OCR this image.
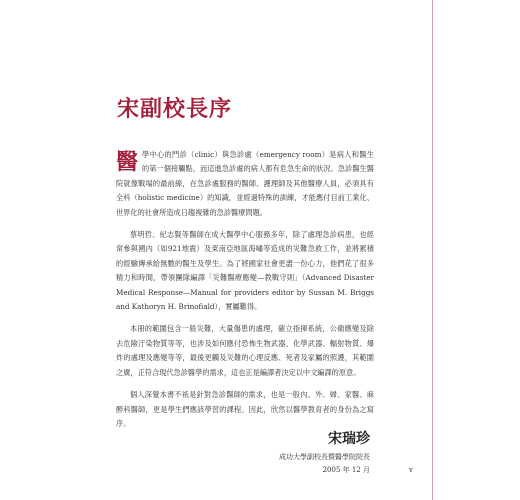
宋副校長序

醫學中心的門診（clinic）與急診處（emergency room）是病人和醫生的第一個接觸點，而這進急診處的病人都有危急生命的狀況。急診醫生醫院就像戰場的最前線，在急診處服務的醫師、護理師及其他醫療人員，必須具有全科（holistic medicine）的知識，並經過特殊的訓練，才能應付目前工業化、世界化的社會所造成日趨複雜的急診醫療問題。

蔡明哲、紀志賢等醫師在成大醫學中心服務多年，除了處理急診病患，也經常參與國內（如921地震）及東南亞地區海嘯等造成的災難急救工作，並將累積的經驗傳承給無數的醫生及學生。為了將國家社會更盡一份心力，他們花了很多精力和時間，帶領團隊編譯「災難醫療應變—教戰守則」（Advanced Disaster Medical Response—Manual for providers editor by Sussan M. Briggs and Kathoryn H. Brinofiald），實屬難得。

本冊的範圍包含一般災難，大量傷患的處理，確立指揮系統，公衛應變及除去危險汙染物質等等，也涉及如何應付恐怖生物武器、化學武器、輻射物質、爆炸的處理及應變等等，最後更觸及災難的心理反應、死者及家屬的照護，其範圍之廣，正符合現代急診醫學的需求，這也正是編譯者決定以中文編譯的原意。

個人深覺本書不祇是針對急診醫師的需求，也是一般內、外、婦、家醫、麻醉科醫師，更是學生們應該學習的課程。因此，欣然以醫學教育者的身份為之寫序。

宋瑞珍
成功大學副校長暨醫學院院長
2005 年 12 月	v
